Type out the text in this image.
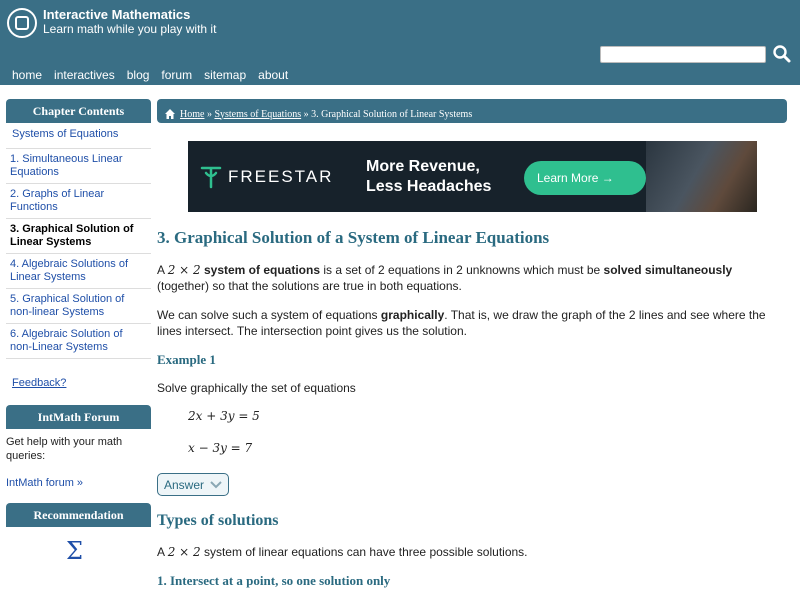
Interactive Mathematics
Learn math while you play with it
home interactives blog forum sitemap about
Chapter Contents
Systems of Equations
1. Simultaneous Linear Equations
2. Graphs of Linear Functions
3. Graphical Solution of Linear Systems
4. Algebraic Solutions of Linear Systems
5. Graphical Solution of non-linear Systems
6. Algebraic Solution of non-Linear Systems
Feedback?
IntMath Forum
Get help with your math queries:
IntMath forum »
Recommendation
Σ
Home
»
Systems of Equations
»
3. Graphical Solution of Linear Systems
FREESTAR
More Revenue,
Less Headaches	Learn More →
3. Graphical Solution of a System of Linear Equations

A 2 × 2 system of equations is a set of 2 equations in 2 unknowns which must be solved simultaneously (together) so that the solutions are true in both equations.

We can solve such a system of equations graphically. That is, we draw the graph of the 2 lines and see where the lines intersect. The intersection point gives us the solution.

Example 1

Solve graphically the set of equations

2x + 3y = 5
x − 3y = 7
Answer
Types of solutions

A 2 × 2 system of linear equations can have three possible solutions.

1. Intersect at a point, so one solution only
